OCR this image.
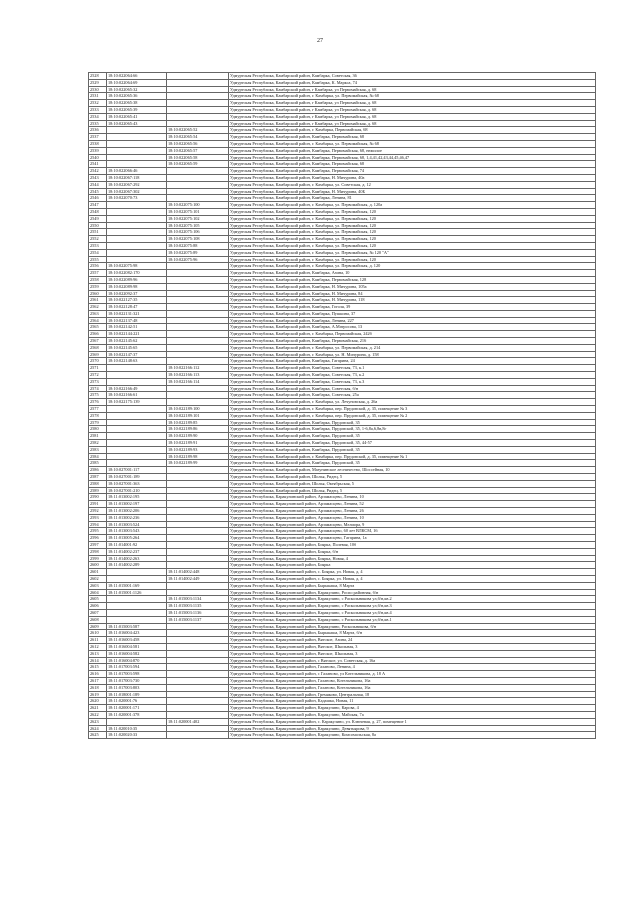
27
2528	18:10:022064:66		Удмуртская Республика, Камбарский район, Камбарка, Советская, 36
2529	18:10:022064:69		Удмуртская Республика, Камбарский район, Камбарка, К. Маркса, 74
2530	18:10:022065:32		Удмуртская Республика, Камбарский район, г Камбарка, ул Первомайская, д. 68
2531	18:10:022065:36		Удмуртская Республика, Камбарский район, г. Камбарка, ул. Первомайская, № 68
2532	18:10:022065:38		Удмуртская Республика, Камбарский район, г Камбарка, ул Первомайская, д. 68
2533	18:10:022065:39		Удмуртская Республика, Камбарский район, г Камбарка, ул Первомайская, д. 68
2534	18:10:022065:41		Удмуртская Республика, Камбарский район, г Камбарка, ул Первомайская, д. 68
2535	18:10:022065:43		Удмуртская Республика, Камбарский район, г Камбарка, ул Первомайская, д. 68
2536		18:10:022065:52	Удмуртская Республика, Камбарский район, г. Камбарка, Первомайская, 68
2537		18:10:022065:54	Удмуртская Республика, Камбарский район, Камбарка, Первомайская, 68
2538		18:10:022065:56	Удмуртская Республика, Камбарский район, г. Камбарка, ул. Первомайская, № 68
2539		18:10:022065:57	Удмуртская Республика, Камбарский район, Камбарка, Первомайская, 68, нежилое
2540		18:10:022065:58	Удмуртская Республика, Камбарский район, Камбарка, Первомайская, 68, 1,4,41,42,43,44,45,46,47
2541		18:10:022065:59	Удмуртская Республика, Камбарский район, Камбарка, Первомайская, 68
2542	18:10:022066:46		Удмуртская Республика, Камбарский район, Камбарка, Первомайская, 74
2543	18:10:022067:118		Удмуртская Республика, Камбарский район, Камбарка, Н. Мичурина, 40а
2544	18:10:022067:292		Удмуртская Республика, Камбарский район, г. Камбарка, ул. Советская, д. 12
2545	18:10:022067:302		Удмуртская Республика, Камбарский район, Камбарка, Н. Мичурина, 40Б
2546	18:10:022070:73		Удмуртская Республика, Камбарский район, Камбарка, Ленина, 81
2547		18:10:022075:100	Удмуртская Республика, Камбарский район, г. Камбарка, ул. Первомайская, д. 120а
2548		18:10:022075:101	Удмуртская Республика, Камбарский район, г. Камбарка, ул. Первомайская, 120
2549		18:10:022075:102	Удмуртская Республика, Камбарский район, г. Камбарка, ул. Первомайская, 120
2550		18:10:022075:105	Удмуртская Республика, Камбарский район, г. Камбарка, ул. Первомайская, 120
2551		18:10:022075:106	Удмуртская Республика, Камбарский район, г. Камбарка, ул. Первомайская, 120
2552		18:10:022075:108	Удмуртская Республика, Камбарский район, г. Камбарка, ул. Первомайская, 120
2553		18:10:022075:88	Удмуртская Республика, Камбарский район, г. Камбарка, ул. Первомайская, 120
2554		18:10:022075:89	Удмуртская Республика, Камбарский район, г. Камбарка, ул. Первомайская, № 120 "А"
2555		18:10:022075:96	Удмуртская Республика, Камбарский район, г. Камбарка, ул. Первомайская, 120
2556	18:10:022075:98		Удмуртская Республика, Камбарский район, г. Камбарка, ул. Первомайская, д. 120
2557	18:10:022082:170		Удмуртская Республика, Камбарский район, Камбарка, Азина, 10
2558	18:10:022089:96		Удмуртская Республика, Камбарский район, Камбарка, Первомайская, 128
2559	18:10:022089:98		Удмуртская Республика, Камбарский район, Камбарка, Н. Мичурина, 105а
2560	18:10:022092:37		Удмуртская Республика, Камбарский район, Камбарка, Н. Мичурина, 84
2561	18:10:022127:35		Удмуртская Республика, Камбарский район, Камбарка, Н. Мичурина, 118
2562	18:10:022128:47		Удмуртская Республика, Камбарский район, Камбарка, Гоголя, 39
2563	18:10:022131:321		Удмуртская Республика, Камбарский район, Камбарка, Пушкина, 37
2564	18:10:022137:48		Удмуртская Республика, Камбарский район, Камбарка, Ленина, 227
2565	18:10:022142:51		Удмуртская Республика, Камбарский район, Камбарка, А.Матросова, 13
2566	18:10:022144:221		Удмуртская Республика, Камбарский район, г. Камбарка, Первомайская, 242б
2567	18:10:022145:62		Удмуртская Республика, Камбарский район, Камбарка, Первомайская, 216
2568	18:10:022145:65		Удмуртская Республика, Камбарский район, г. Камбарка, ул. Первомайская, д. 214
2569	18:10:022147:37		Удмуртская Республика, Камбарский район, г. Камбарка, ул. Н. Мичурина, д. 158
2570	18:10:022148:63		Удмуртская Республика, Камбарский район, Камбарка, Гагарина, 24
2571		18:10:022166:112	Удмуртская Республика, Камбарский район, Камбарка, Советская, 73, к.1
2572		18:10:022166:113	Удмуртская Республика, Камбарский район, Камбарка, Советская, 73, к.2
2573		18:10:022166:114	Удмуртская Республика, Камбарский район, Камбарка, Советская, 73, к.3
2574	18:10:022166:49		Удмуртская Республика, Камбарский район, Камбарка, Советская, б/н
2575	18:10:022166:61		Удмуртская Республика, Камбарский район, Камбарка, Советская, 25а
2576	18:10:022175:139		Удмуртская Республика, Камбарский район, г. Камбарка, ул. Лечуновская, д. 26а
2577		18:10:022189:100	Удмуртская Республика, Камбарский район, г. Камбарка, пер. Прудовской, д. 35, помещение № 3
2578		18:10:022189:101	Удмуртская Республика, Камбарский район, г. Камбарка, пер. Прудовской, д. 35, помещение № 2
2579		18:10:022189:85	Удмуртская Республика, Камбарский район, Камбарка, Прудовской, 35
2580		18:10:022189:86	Удмуртская Республика, Камбарский район, Камбарка, Прудовской, 35, 1-6,8а,6,8в,8г
2581		18:10:022189:90	Удмуртская Республика, Камбарский район, Камбарка, Прудовской, 35
2582		18:10:022189:91	Удмуртская Республика, Камбарский район, Камбарка, Прудовской, 35, 44-57
2583		18:10:022189:93	Удмуртская Республика, Камбарский район, Камбарка, Прудовской, 35
2584		18:10:022189:98	Удмуртская Республика, Камбарский район, г. Камбарка, пер. Прудовской, д. 35, помещение № 1
2585		18:10:022189:99	Удмуртская Республика, Камбарский район, Камбарка, Прудовской, 35
2586	18:10:027001:117		Удмуртская Республика, Камбарский район, Мазунинское лесничество, Шоссейная, 10
2587	18:10:027001:189		Удмуртская Республика, Камбарский район, Шолья, Ридец, 5
2588	18:10:027001:363		Удмуртская Республика, Камбарский район, Шолья, Октябрьская, 5
2589	18:10:027001:210		Удмуртская Республика, Камбарский район, Шолья, Ридец, 5
2590	18:11:013002:195		Удмуртская Республика, Каракулинский район, Арзамасцево, Ленина, 10
2591	18:11:013002:197		Удмуртская Республика, Каракулинский район, Арзамасцево, Ленина, 52
2592	18:11:013002:206		Удмуртская Республика, Каракулинский район, Арзамасцево, Ленина, 26
2593	18:11:013002:236		Удмуртская Республика, Каракулинский район, Арзамасцево, Ленина, 10
2594	18:11:013003:524		Удмуртская Республика, Каракулинский район, Арзамасцево, Мелиора, 9
2595	18:11:013003:543		Удмуртская Республика, Каракулинский район, Арзамасцево, 60 лет ВЛКСМ, 16
2596	18:11:013005:264		Удмуртская Республика, Каракулинский район, Арзамасцево, Гагарина, 1а
2597	18:11:014001:92		Удмуртская Республика, Каракулинский район, Боярка, Полевая, 10б
2598	18:11:014002:237		Удмуртская Республика, Каракулинский район, Боярка, б/н
2599	18:11:014002:263		Удмуртская Республика, Каракулинский район, Боярка, Новая, 4
2600	18:11:014002:289		Удмуртская Республика, Каракулинский район, Боярка
2601		18:11:014002:448	Удмуртская Республика, Каракулинский район, с. Боярка, ул. Новая, д. 4
2602		18:11:014002:449	Удмуртская Республика, Каракулинский район, с. Боярка, ул. Новая, д. 4
2603	18:11:015001:169		Удмуртская Республика, Каракулинский район, Бырыкаша, 8 Марта
2604	18:11:015001:1126		Удмуртская Республика, Каракулинский район, Каракулино, Роспо районная, б/н
2605		18:11:015003:1134	Удмуртская Республика, Каракулинский район, Каракулино, с Раскольникова ул,б/н,кв.2
2606		18:11:015003:1135	Удмуртская Республика, Каракулинский район, Каракулино, с Раскольникова ул,б/н,кв.3
2607		18:11:015003:1136	Удмуртская Республика, Каракулинский район, Каракулино, с Раскольникова ул,б/н,кв.4
2608		18:11:015003:1137	Удмуртская Республика, Каракулинский район, Каракулино, с Раскольникова ул,б/н,кв.1
2609	18:11:015003:587		Удмуртская Республика, Каракулинский район, Каракулино, Раскольникова, б/н
2610	18:11:016004:423		Удмуртская Республика, Каракулинский район, Бырыкаша, 8 Марта, б/н
2611	18:11:016003:458		Удмуртская Республика, Каракулинский район, Вятское, Азина, 24
2612	18:11:016004:581		Удмуртская Республика, Каракулинский район, Вятское, Школьная, 3
2613	18:11:016004:582		Удмуртская Республика, Каракулинский район, Вятское, Школьная, 3
2614	18:11:016004:870		Удмуртская Республика, Каракулинский район, с Вятское, ул. Советская, д. 16а
2615	18:11:017003:594		Удмуртская Республика, Каракулинский район, Галаново, Ленина, 4
2616	18:11:017003:598		Удмуртская Республика, Каракулинский район, с Галаново, ул Котельникова, д. 18 А
2617	18:11:017003:730		Удмуртская Республика, Каракулинский район, Галаново, Котельникова, 16а
2618	18:11:017003:803		Удмуртская Республика, Каракулинский район, Галаново, Котельникова, 16а
2619	18:11:018001:189		Удмуртская Республика, Каракулинский район, Гремяково, Центральная, 18
2620	18:11:020001:76		Удмуртская Республика, Каракулинский район, Кадашка, Новая, 11
2621	18:11:020001:171		Удмуртская Республика, Каракулинский район, Каракулино, Карова, 4
2622	18:11:020001:378		Удмуртская Республика, Каракулинский район, Каракулино, Майская, 7а
2623		18:11:020001:402	Удмуртская Республика, Каракулинский район, с. Каракулино, ул. Ключевая, д. 27, помещение 1
2624	18:11:020010:35		Удмуртская Республика, Каракулинский район, Каракулино, Девятьярова, 9
2625	18:11:020020:33		Удмуртская Республика, Каракулинский район, Каракулино, Комсомольская, 8а
